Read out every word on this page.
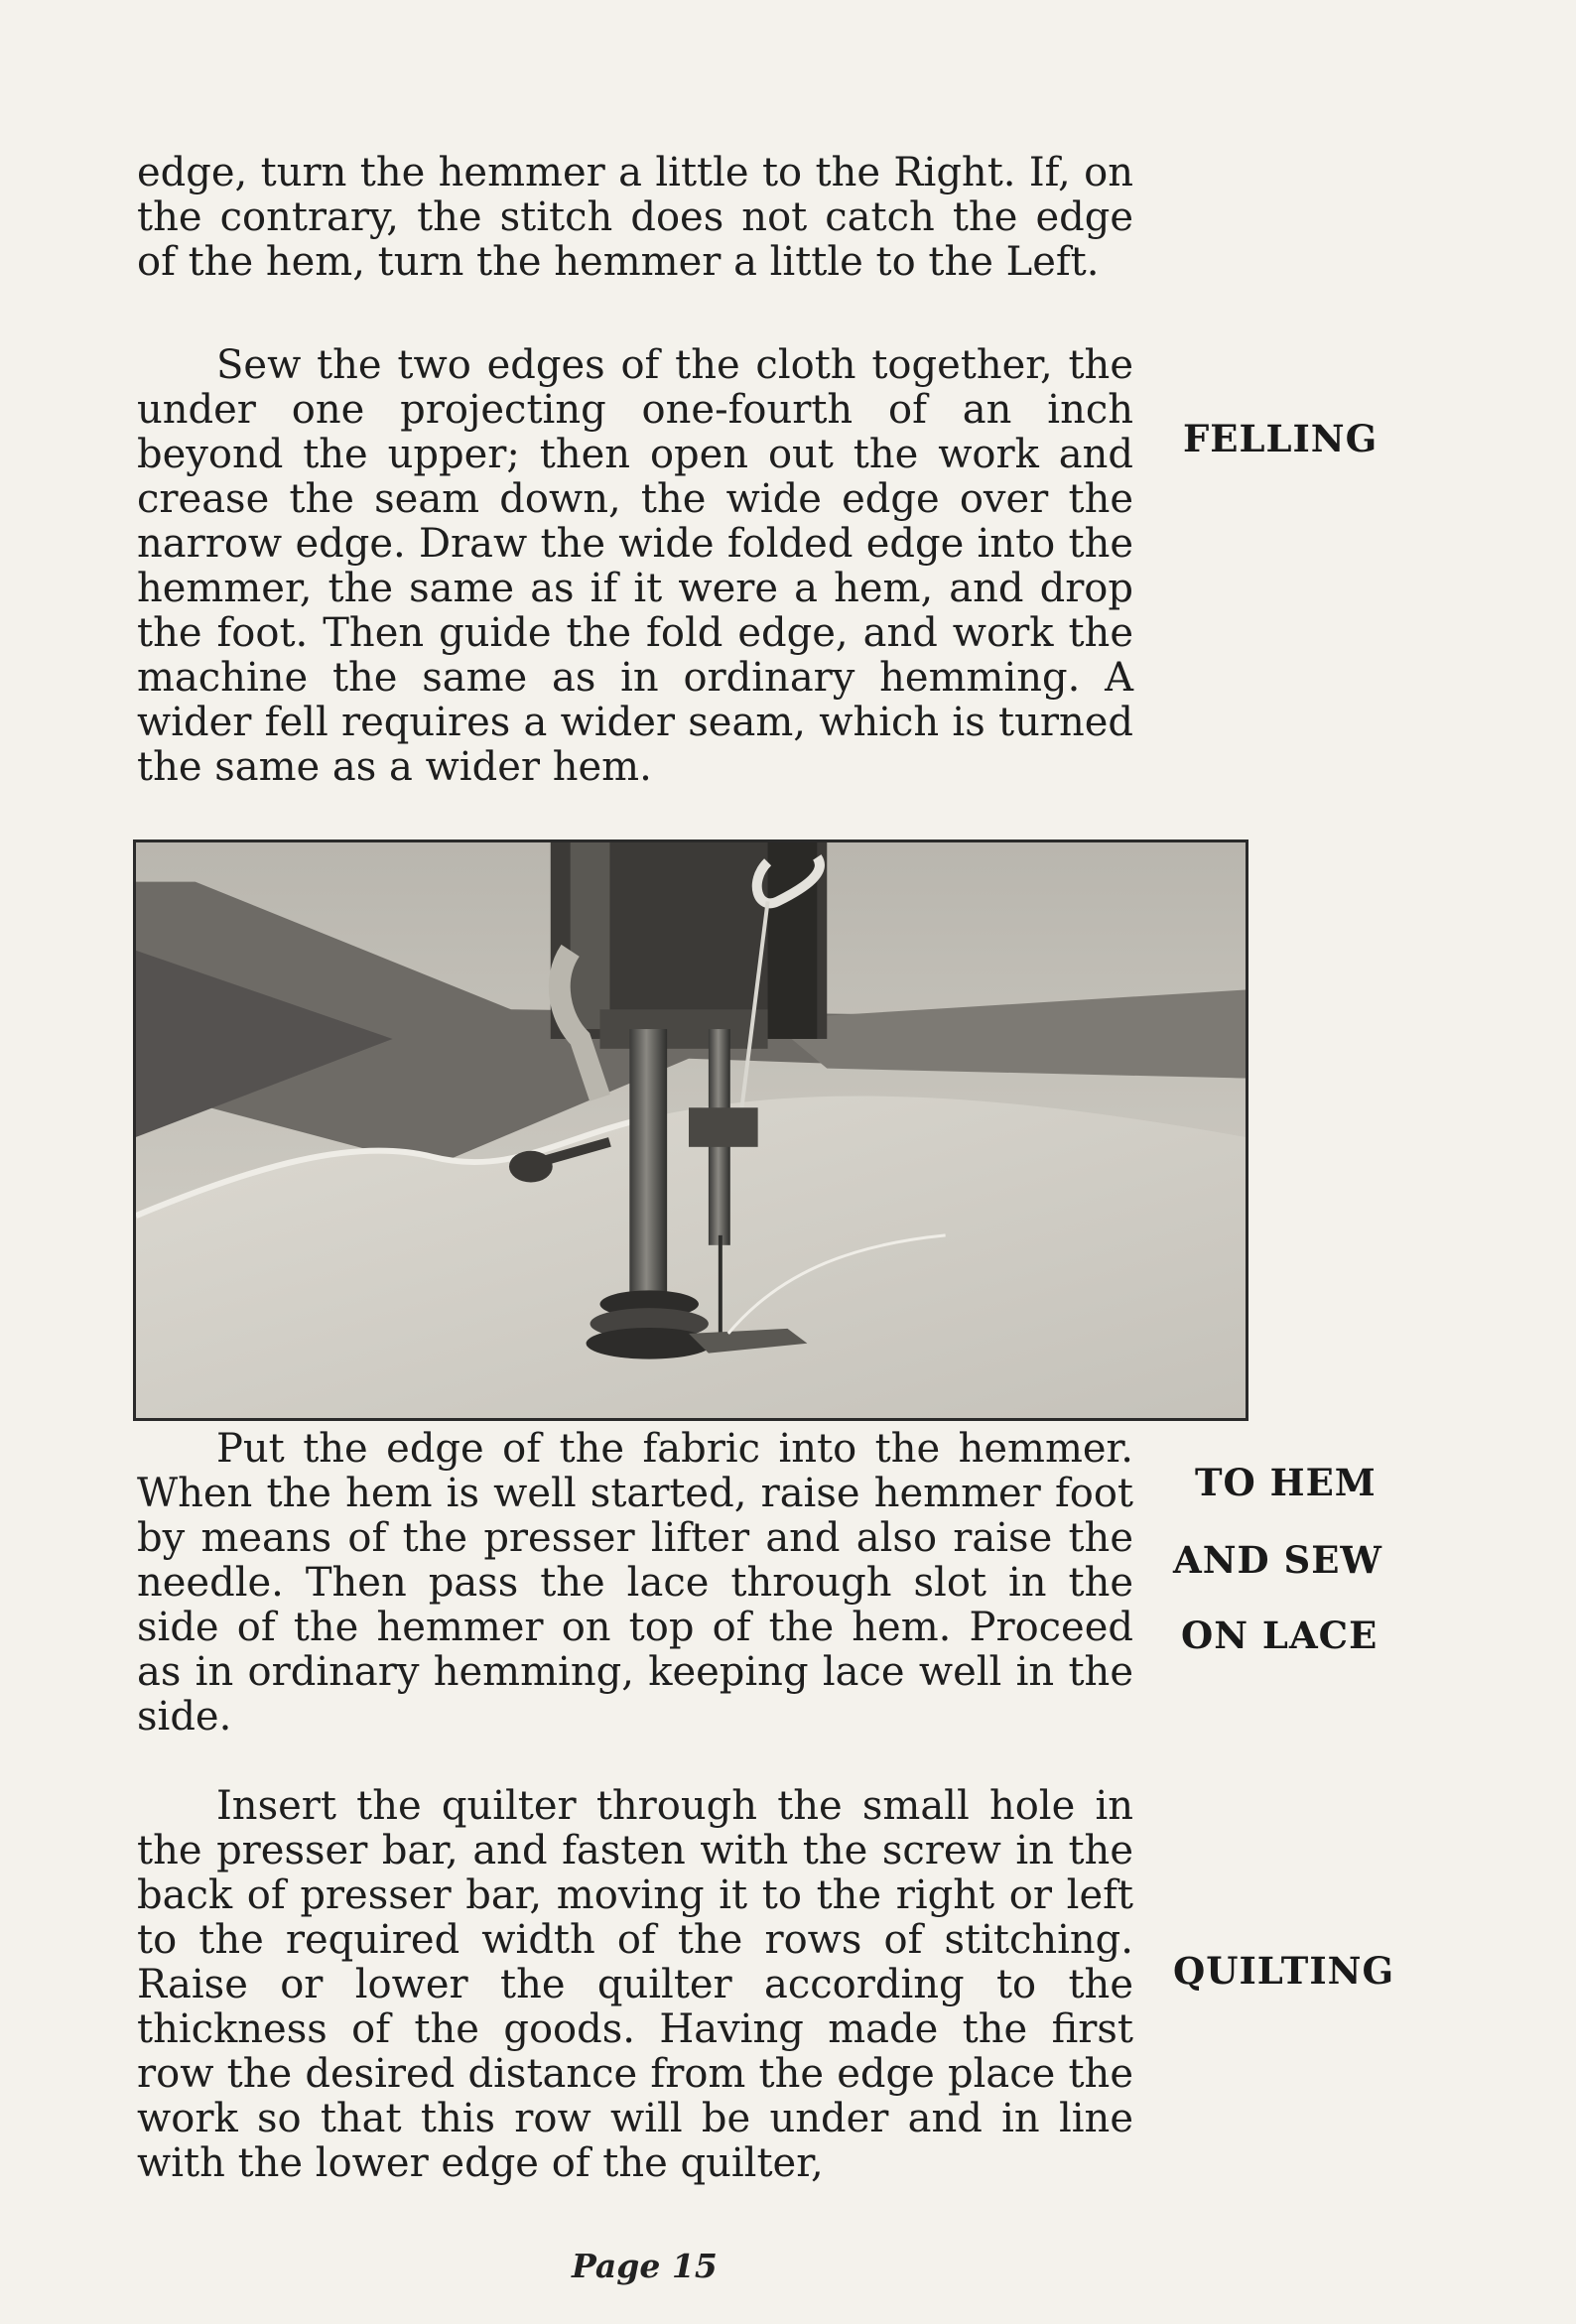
edge, turn the hemmer a little to the Right. If, on the contrary, the stitch does not catch the edge of the hem, turn the hemmer a little to the Left.

Sew the two edges of the cloth together, the under one projecting one-fourth of an inch beyond the upper; then open out the work and crease the seam down, the wide edge over the narrow edge. Draw the wide folded edge into the hemmer, the same as if it were a hem, and drop the foot. Then guide the fold edge, and work the machine the same as in ordinary hemming. A wider fell requires a wider seam, which is turned the same as a wider hem.

FELLING

Put the edge of the fabric into the hemmer. When the hem is well started, raise hemmer foot by means of the presser lifter and also raise the needle. Then pass the lace through slot in the side of the hemmer on top of the hem. Proceed as in ordinary hemming, keeping lace well in the side.

TO HEM
AND SEW
ON LACE

Insert the quilter through the small hole in the presser bar, and fasten with the screw in the back of presser bar, moving it to the right or left to the required width of the rows of stitching. Raise or lower the quilter according to the thickness of the goods. Having made the first row the desired distance from the edge place the work so that this row will be under and in line with the lower edge of the quilter,

QUILTING
Page 15
